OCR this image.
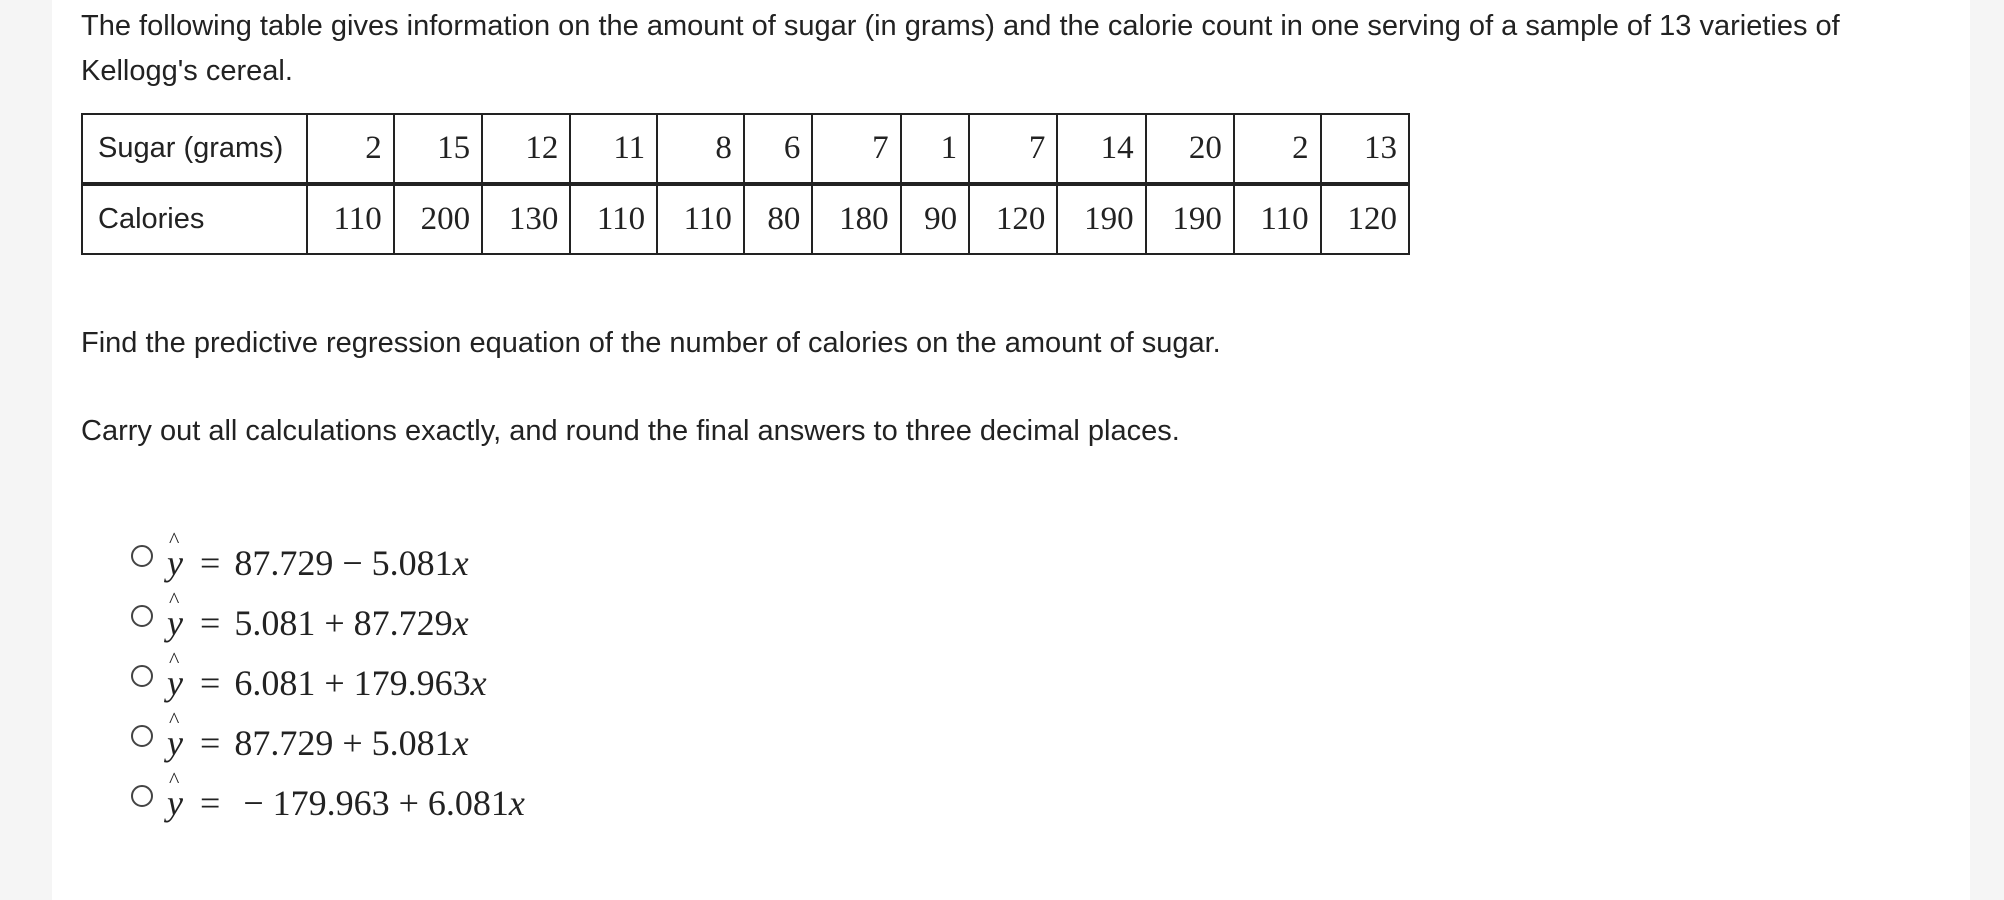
The following table gives information on the amount of sugar (in grams) and the calorie count in one serving of a sample of 13 varieties of Kellogg's cereal.
Sugar (grams)	2	15	12	11	8	6	7	1	7	14	20	2	13
Calories	110	200	130	110	110	80	180	90	120	190	190	110	120
Find the predictive regression equation of the number of calories on the amount of sugar.
Carry out all calculations exactly, and round the final answers to three decimal places.
^ y = 87.729 − 5.081 x
^ y = 5.081 + 87.729 x
^ y = 6.081 + 179.963 x
^ y = 87.729 + 5.081 x
^ y = − 179.963 + 6.081 x
